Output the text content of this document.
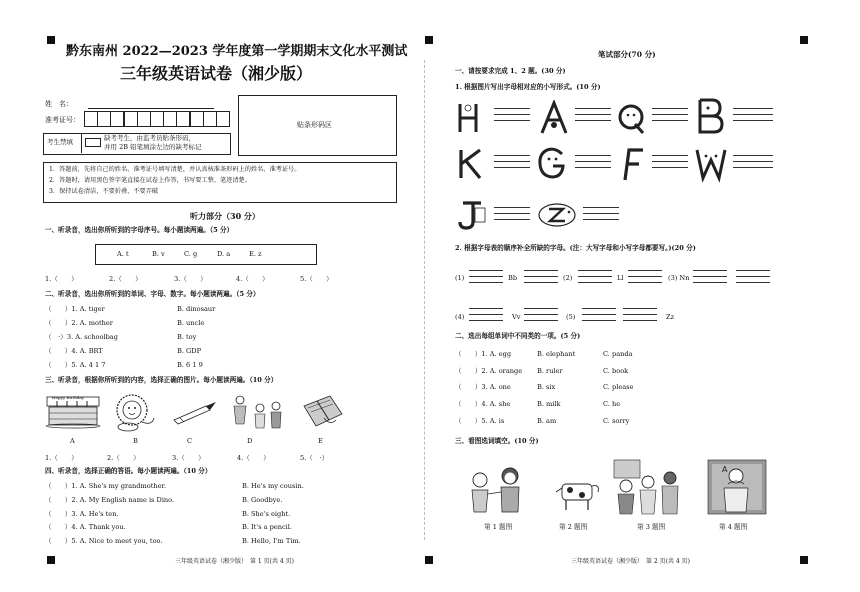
黔东南州 2022—2023 学年度第一学期期末文化水平测试
三年级英语试卷（湘少版）
姓　名：
准考证号：
贴条形码区
考生禁填	缺考考生，由监考员贴条形码，
并用 2B 铅笔填涂左边的缺考标记
1．答题前，先将自己的姓名、准考证号填写清楚，并认真核准条形码上的姓名、准考证号。
2．答题时，请用黑色签字笔直接在试卷上作答，书写要工整、笔迹清楚。
3．保持试卷清洁，不要折叠、不要弄破
听力部分（30 分）
一、听录音，选出你所听到的字母序号。每小题读两遍。（5 分）
A. t	B. v	C. g	D. a	E. z
1.（　　）	2.（　　）	3.（　　）	4.（　　）	5.（　　）
二、听录音，选出你所听到的单词、字母、数字。每小题读两遍。（5 分）
（　　）1. A. tiger	B. dinosaur
（　　）2. A. mother	B. uncle
（　·）3. A. schoolbag	B. toy
（　　）4. A. BRT	B. GDP
（　　）5. A. 4 1 7	B. 6 1 9
三、听录音，根据你所听到的内容，选择正确的图片。每小题读两遍。（10 分）
Happy Birthday
A	B	C	D	E
1.（　　）	2.（　　）	3.（　　）	4.（　　）	5.（　·）
四、听录音，选择正确的答语。每小题读两遍。（10 分）
（　　）1. A. She's my grandmother.	B. He's my cousin.
（　　）2. A. My English name is Dino.	B. Goodbye.
（　　）3. A. He's ten.	B. She's eight.
（　　）4. A. Thank you.	B. It's a pencil.
（　　）5. A. Nice to meet you, too.	B. Hello, I'm Tim.
三年级英语试卷（湘少版）　第 1 页(共 4 页)
笔试部分(70 分)
一、请按要求完成 1、2 题。(30 分)
1. 根据图片写出字母相对应的小写形式。(10 分)
2. 根据字母表的顺序补全所缺的字母。(注：大写字母和小写字母都要写。)(20 分)
(1)	Bb	(2)	Ll	(3) Nn
(4)	Vv	(5)	Zz
二、选出每组单词中不同类的一项。(5 分)
（　　）1. A. egg	B. elephant	C. panda
（　　）2. A. orange B. ruler	C. book
（　　）3. A. one	B. six	C. please
（　　）4. A. she	B. milk	C. he
（　　）5. A. is	B. am	C. sorry
三、看图选词填空。(10 分)
A
第 1 题图	第 2 题图	第 3 题图	第 4 题图
三年级英语试卷（湘少版）　第 2 页(共 4 页)
